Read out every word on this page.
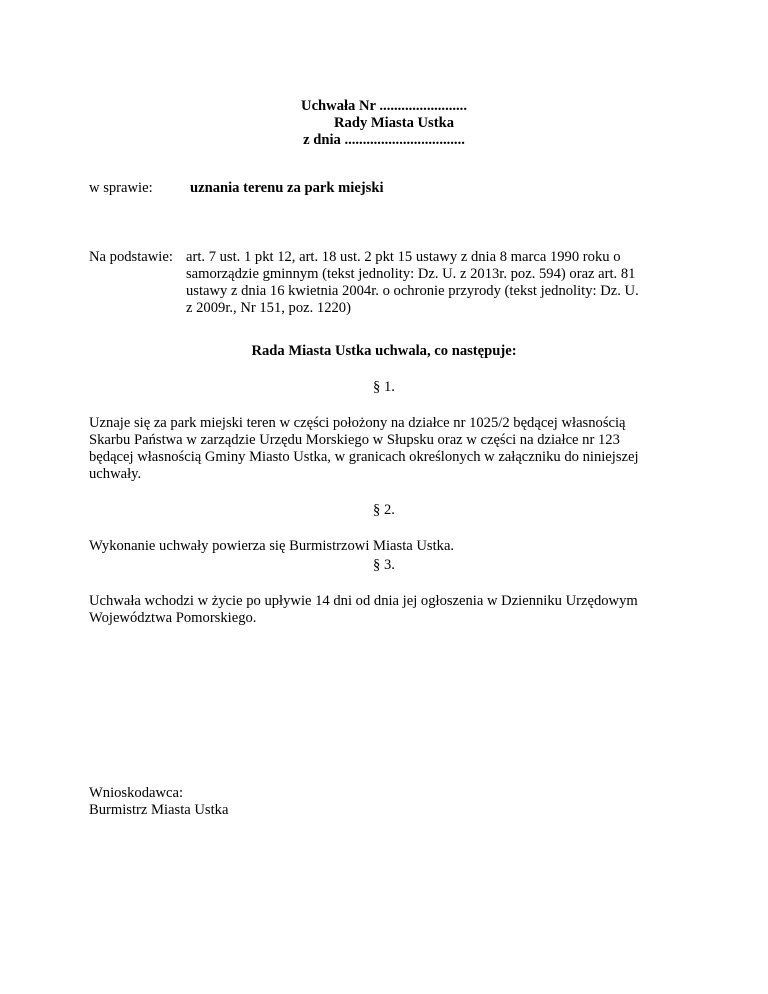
Uchwała Nr ........................
Rady Miasta Ustka
z dnia .................................
w sprawie:	uznania terenu za park miejski
Na podstawie: art. 7 ust. 1 pkt 12, art. 18 ust. 2 pkt 15 ustawy z dnia 8 marca 1990 roku o
samorządzie gminnym (tekst jednolity: Dz. U. z 2013r. poz. 594) oraz art. 81
ustawy z dnia 16 kwietnia 2004r. o ochronie przyrody (tekst jednolity: Dz. U.
z 2009r., Nr 151, poz. 1220)
Rada Miasta Ustka uchwala, co następuje:
§ 1.
Uznaje się za park miejski teren w części położony na działce nr 1025/2 będącej własnością
Skarbu Państwa w zarządzie Urzędu Morskiego w Słupsku oraz w części na działce nr 123
będącej własnością Gminy Miasto Ustka, w granicach określonych w załączniku do niniejszej
uchwały.
§ 2.
Wykonanie uchwały powierza się Burmistrzowi Miasta Ustka.
§ 3.
Uchwała wchodzi w życie po upływie 14 dni od dnia jej ogłoszenia w Dzienniku Urzędowym
Województwa Pomorskiego.
Wnioskodawca:
Burmistrz Miasta Ustka
